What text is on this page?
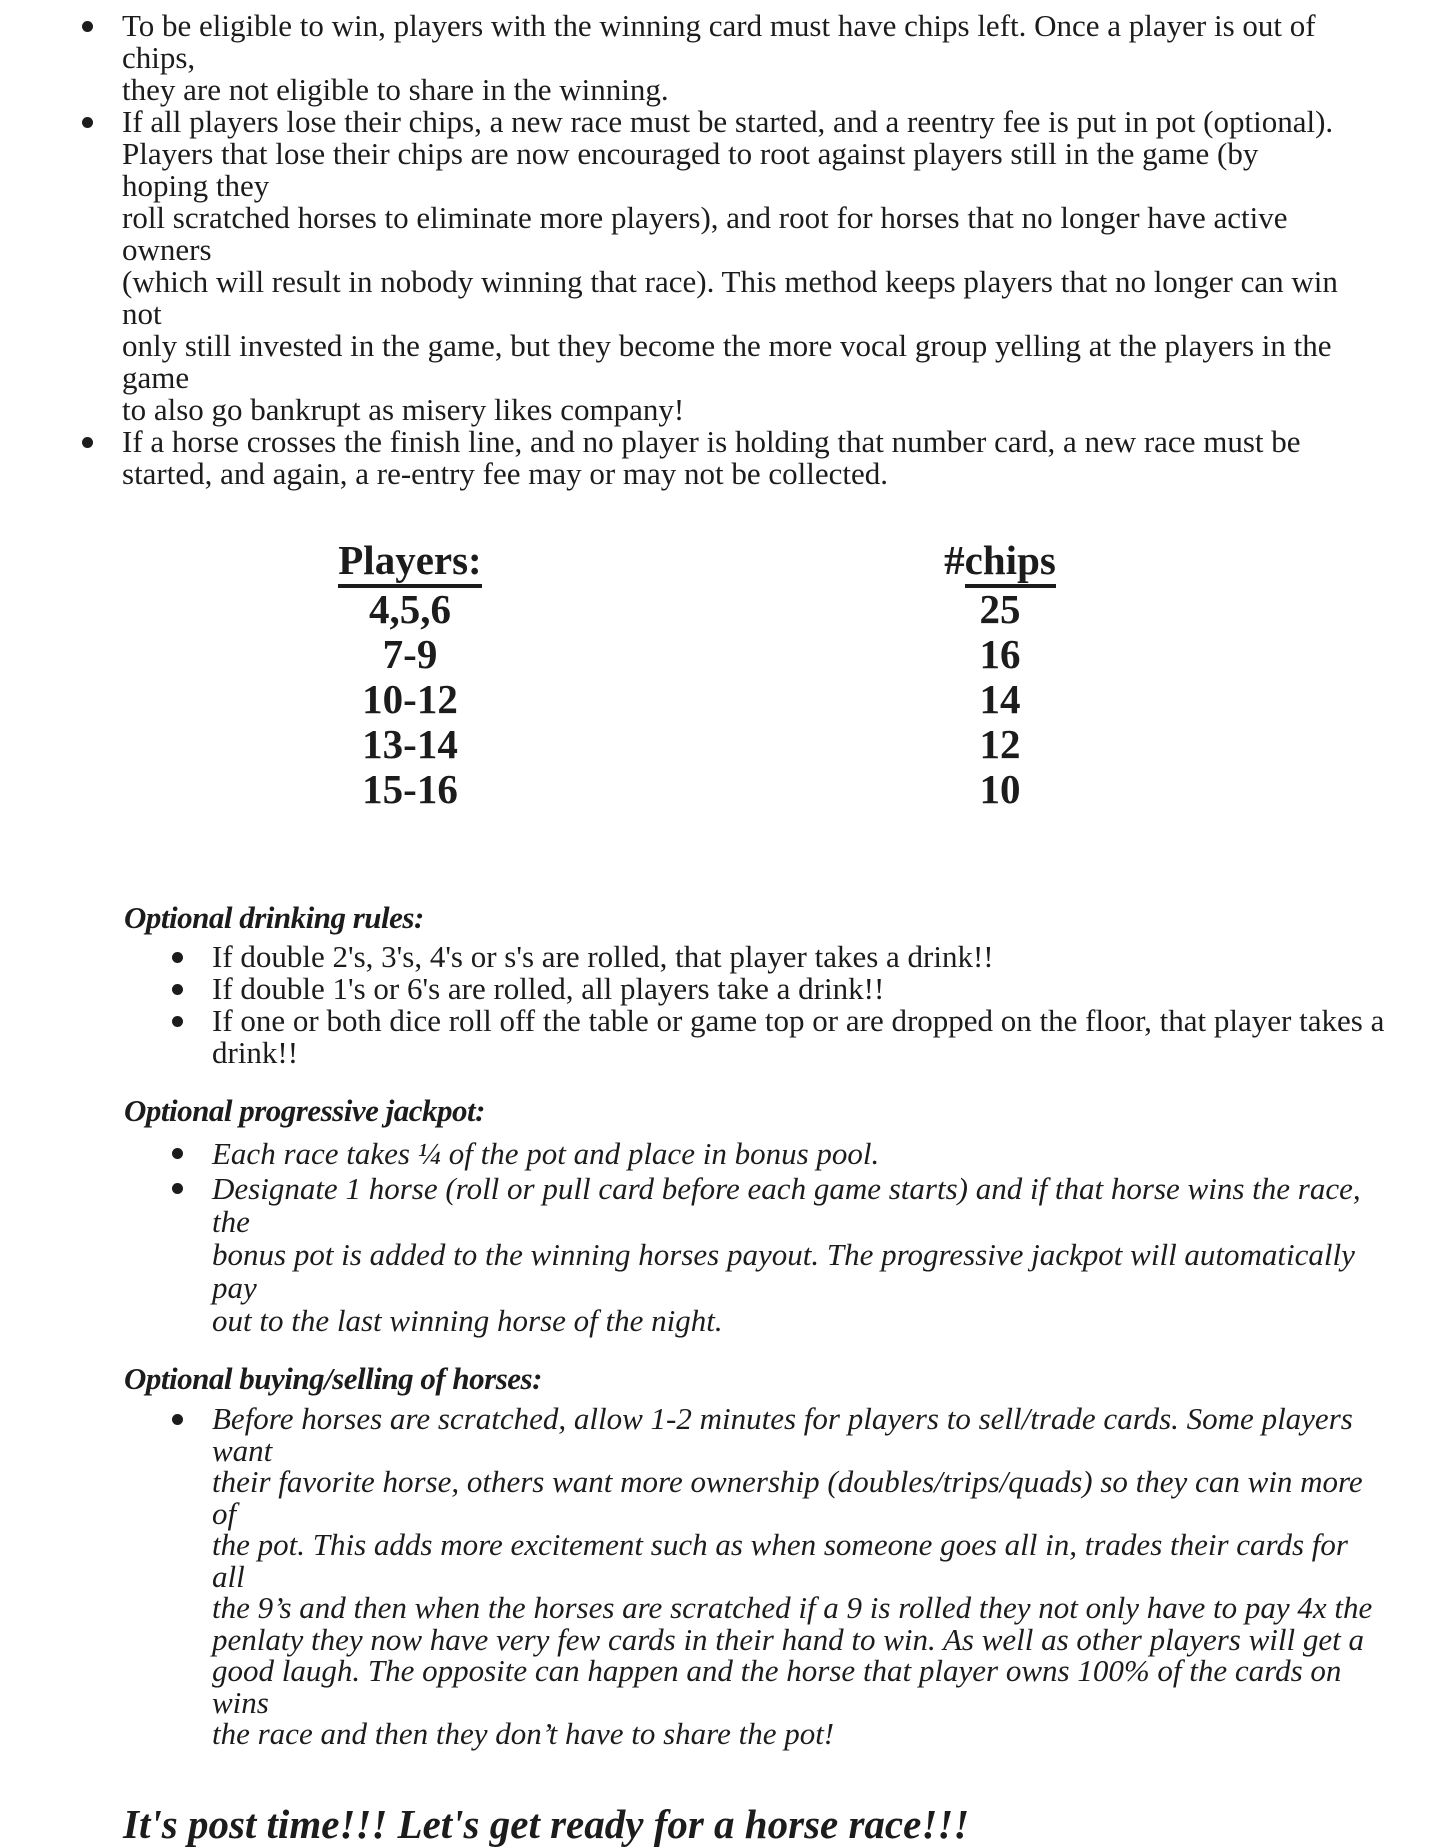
To be eligible to win, players with the winning card must have chips left. Once a player is out of chips,
they are not eligible to share in the winning.
If all players lose their chips, a new race must be started, and a reentry fee is put in pot (optional).
Players that lose their chips are now encouraged to root against players still in the game (by hoping they
roll scratched horses to eliminate more players), and root for horses that no longer have active owners
(which will result in nobody winning that race). This method keeps players that no longer can win not
only still invested in the game, but they become the more vocal group yelling at the players in the game
to also go bankrupt as misery likes company!
If a horse crosses the finish line, and no player is holding that number card, a new race must be
started, and again, a re-entry fee may or may not be collected.
Players:	#chips
4,5,6	25
7-9	16
10-12	14
13-14	12
15-16	10
Optional drinking rules:
If double 2's, 3's, 4's or s's are rolled, that player takes a drink!!
If double 1's or 6's are rolled, all players take a drink!!
If one or both dice roll off the table or game top or are dropped on the floor, that player takes a drink!!
Optional progressive jackpot:
Each race takes ¼ of the pot and place in bonus pool.
Designate 1 horse (roll or pull card before each game starts) and if that horse wins the race, the
bonus pot is added to the winning horses payout. The progressive jackpot will automatically pay
out to the last winning horse of the night.
Optional buying/selling of horses:
Before horses are scratched, allow 1-2 minutes for players to sell/trade cards. Some players want
their favorite horse, others want more ownership (doubles/trips/quads) so they can win more of
the pot. This adds more excitement such as when someone goes all in, trades their cards for all
the 9’s and then when the horses are scratched if a 9 is rolled they not only have to pay 4x the
penlaty they now have very few cards in their hand to win. As well as other players will get a
good laugh. The opposite can happen and the horse that player owns 100% of the cards on wins
the race and then they don’t have to share the pot!
It's post time!!! Let's get ready for a horse race!!!
